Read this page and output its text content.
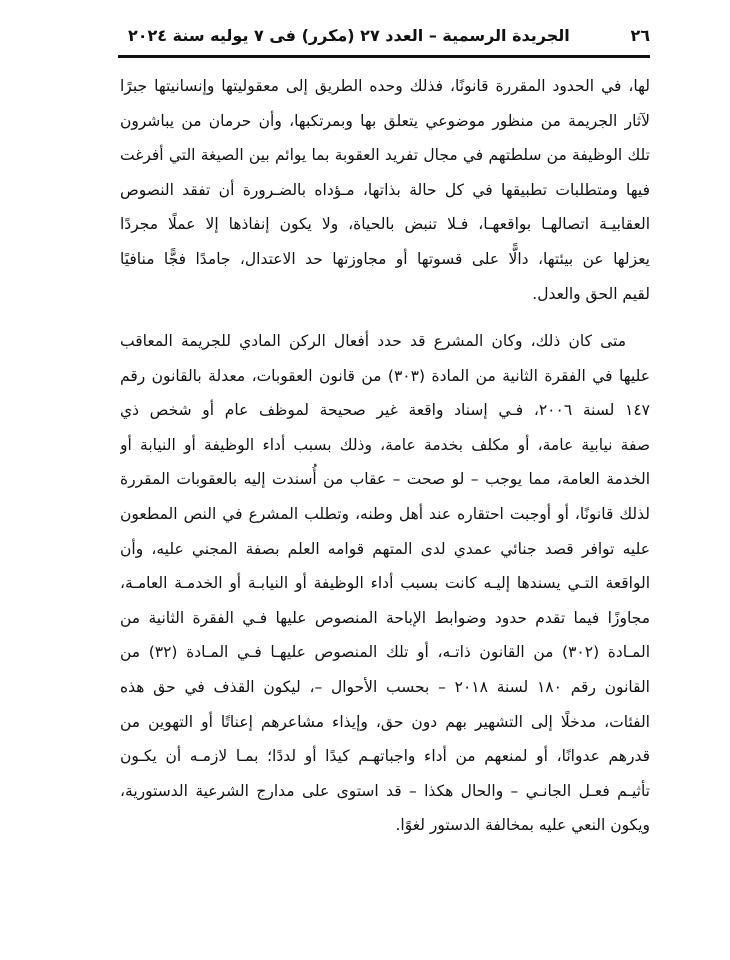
٢٦
الجريدة الرسمية – العدد ٢٧ (مكرر) فى ٧ يوليه سنة ٢٠٢٤
لها، في الحدود المقررة قانونًا، فذلك وحده الطريق إلى معقوليتها وإنسانيتها جبرًا
لآثار الجريمة من منظور موضوعي يتعلق بها وبمرتكبها، وأن حرمان من يباشرون
تلك الوظيفة من سلطتهم في مجال تفريد العقوبة بما يوائم بين الصيغة التي أفرغت
فيها ومتطلبات تطبيقها في كل حالة بذاتها، مـؤداه بالضـرورة أن تفقد النصوص
العقابيـة اتصالهـا بواقعهـا، فـلا تنبض بالحياة، ولا يكون إنفاذها إلا عملًا مجردًا
يعزلها عن بيئتها، دالًّا على قسوتها أو مجاوزتها حد الاعتدال، جامدًا فجًّا منافيًا
لقيم الحق والعدل.
متى كان ذلك، وكان المشرع قد حدد أفعال الركن المادي للجريمة المعاقب
عليها في الفقرة الثانية من المادة (٣٠٣) من قانون العقوبات، معدلة بالقانون رقم
١٤٧ لسنة ٢٠٠٦، فـي إسناد واقعة غير صحيحة لموظف عام أو شخص ذي
صفة نيابية عامة، أو مكلف بخدمة عامة، وذلك بسبب أداء الوظيفة أو النيابة أو
الخدمة العامة، مما يوجب – لو صحت – عقاب من أُسندت إليه بالعقوبات المقررة
لذلك قانونًا، أو أوجبت احتقاره عند أهل وطنه، وتطلب المشرع في النص المطعون
عليه توافر قصد جنائي عمدي لدى المتهم قوامه العلم بصفة المجني عليه، وأن
الواقعة التـي يسندها إليـه كانت بسبب أداء الوظيفة أو النيابـة أو الخدمـة العامـة،
مجاوزًا فيما تقدم حدود وضوابط الإباحة المنصوص عليها فـي الفقرة الثانية من
المـادة (٣٠٢) من القانون ذاتـه، أو تلك المنصوص عليهـا فـي المـادة (٣٢) من
القانون رقم ١٨٠ لسنة ٢٠١٨ – بحسب الأحوال –، ليكون القذف في حق هذه
الفئات، مدخلًا إلى التشهير بهم دون حق، وإيذاء مشاعرهم إعناتًا أو التهوين من
قدرهم عدوانًا، أو لمنعهم من أداء واجباتهـم كيدًا أو لددًا؛ بمـا لازمـه أن يكـون
تأثيـم فعـل الجانـي – والحال هكذا – قد استوى على مدارج الشرعية الدستورية،
ويكون النعي عليه بمخالفة الدستور لغوًا.
